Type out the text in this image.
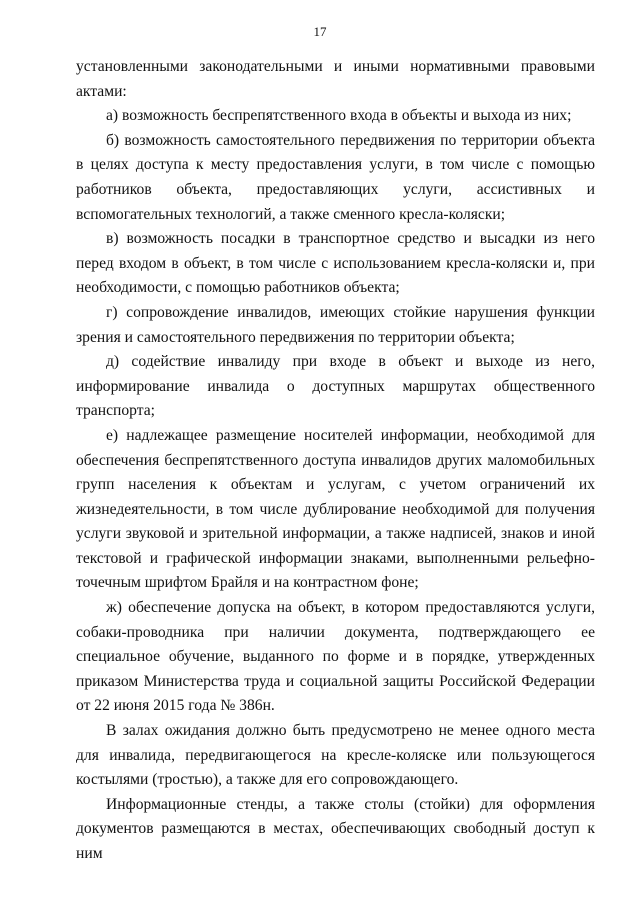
17

установленными законодательными и иными нормативными правовыми актами:

а) возможность беспрепятственного входа в объекты и выхода из них;

б) возможность самостоятельного передвижения по территории объекта в целях доступа к месту предоставления услуги, в том числе с помощью работников объекта, предоставляющих услуги, ассистивных и вспомогательных технологий, а также сменного кресла-коляски;

в) возможность посадки в транспортное средство и высадки из него перед входом в объект, в том числе с использованием кресла-коляски и, при необходимости, с помощью работников объекта;

г) сопровождение инвалидов, имеющих стойкие нарушения функции зрения и самостоятельного передвижения по территории объекта;

д) содействие инвалиду при входе в объект и выходе из него, информирование инвалида о доступных маршрутах общественного транспорта;

е) надлежащее размещение носителей информации, необходимой для обеспечения беспрепятственного доступа инвалидов других маломобильных групп населения к объектам и услугам, с учетом ограничений их жизнедеятельности, в том числе дублирование необходимой для получения услуги звуковой и зрительной информации, а также надписей, знаков и иной текстовой и графической информации знаками, выполненными рельефно-точечным шрифтом Брайля и на контрастном фоне;

ж) обеспечение допуска на объект, в котором предоставляются услуги, собаки-проводника при наличии документа, подтверждающего ее специальное обучение, выданного по форме и в порядке, утвержденных приказом Министерства труда и социальной защиты Российской Федерации от 22 июня 2015 года № 386н.

В залах ожидания должно быть предусмотрено не менее одного места для инвалида, передвигающегося на кресле-коляске или пользующегося костылями (тростью), а также для его сопровождающего.

Информационные стенды, а также столы (стойки) для оформления документов размещаются в местах, обеспечивающих свободный доступ к ним
